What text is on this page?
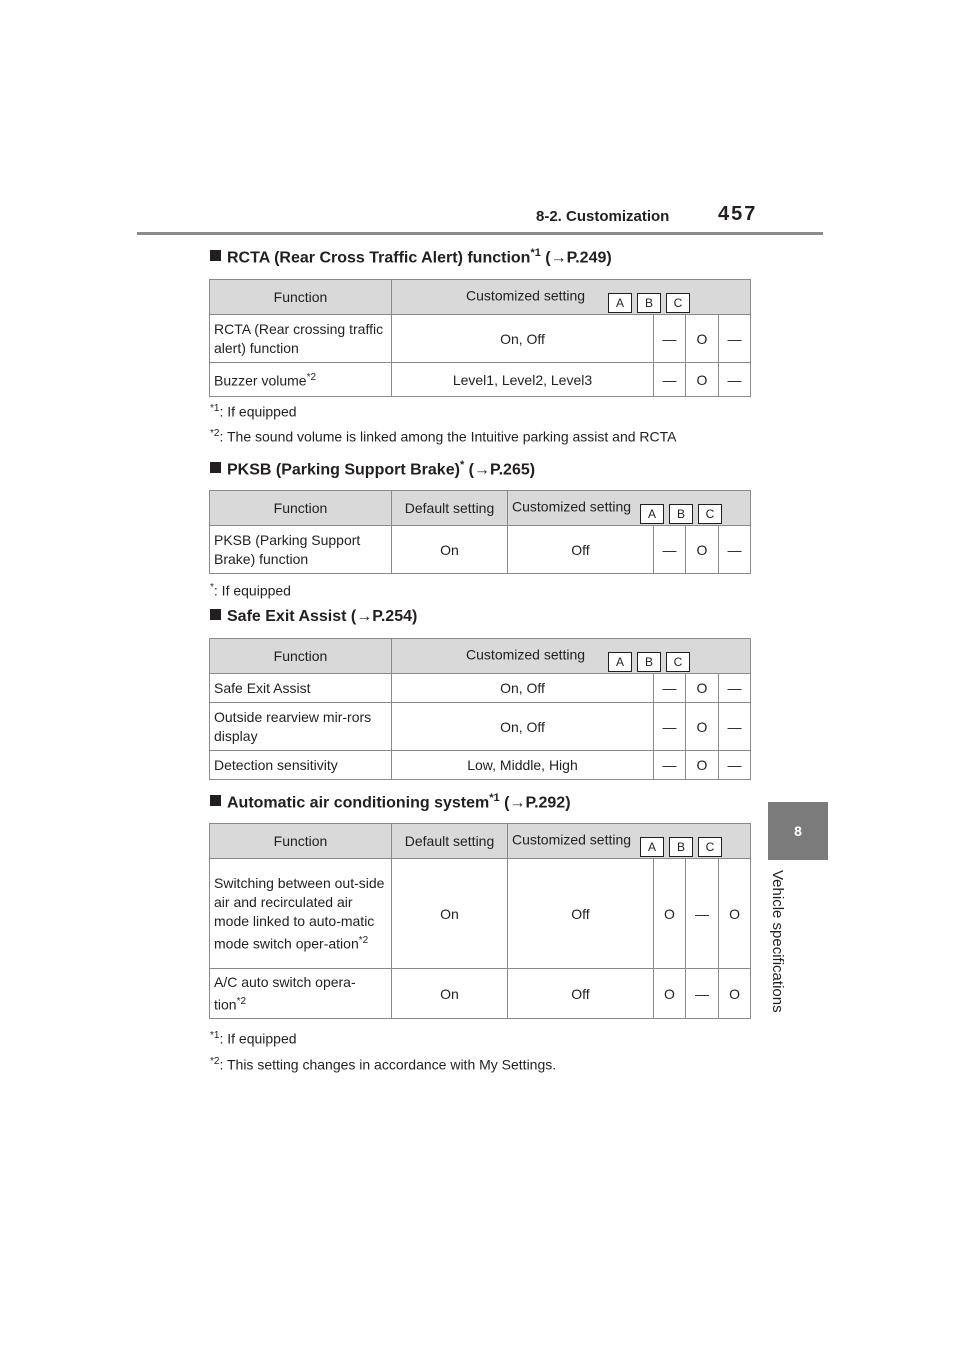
8-2. Customization 457
8
Vehicle specifications
RCTA (Rear Cross Traffic Alert) function$^{*1}$ (→P.249)
Function	Customized setting A B C			
RCTA (Rear crossing traffic alert) function	On, Off	—	O	—
Buzzer volume$^{*2}$	Level1, Level2, Level3	—	O	—
$^{*1}$: If equipped
$^{*2}$: The sound volume is linked among the Intuitive parking assist and RCTA
PKSB (Parking Support Brake)* (→P.265)
Function	Default setting	Customized setting A B C			
PKSB (Parking Support Brake) function	On	Off	—	O	—
*: If equipped
Safe Exit Assist (→P.254)
Function	Customized setting A B C			
Safe Exit Assist	On, Off	—	O	—
Outside rearview mir-rors display	On, Off	—	O	—
Detection sensitivity	Low, Middle, High	—	O	—
Automatic air conditioning system$^{*1}$ (→P.292)
Function	Default setting	Customized setting A B C			
Switching between out-side air and recirculated air mode linked to auto-matic mode switch oper-ation$^{*2}$	On	Off	O	—	O
A/C auto switch opera-tion$^{*2}$	On	Off	O	—	O
$^{*1}$: If equipped
$^{*2}$: This setting changes in accordance with My Settings.
